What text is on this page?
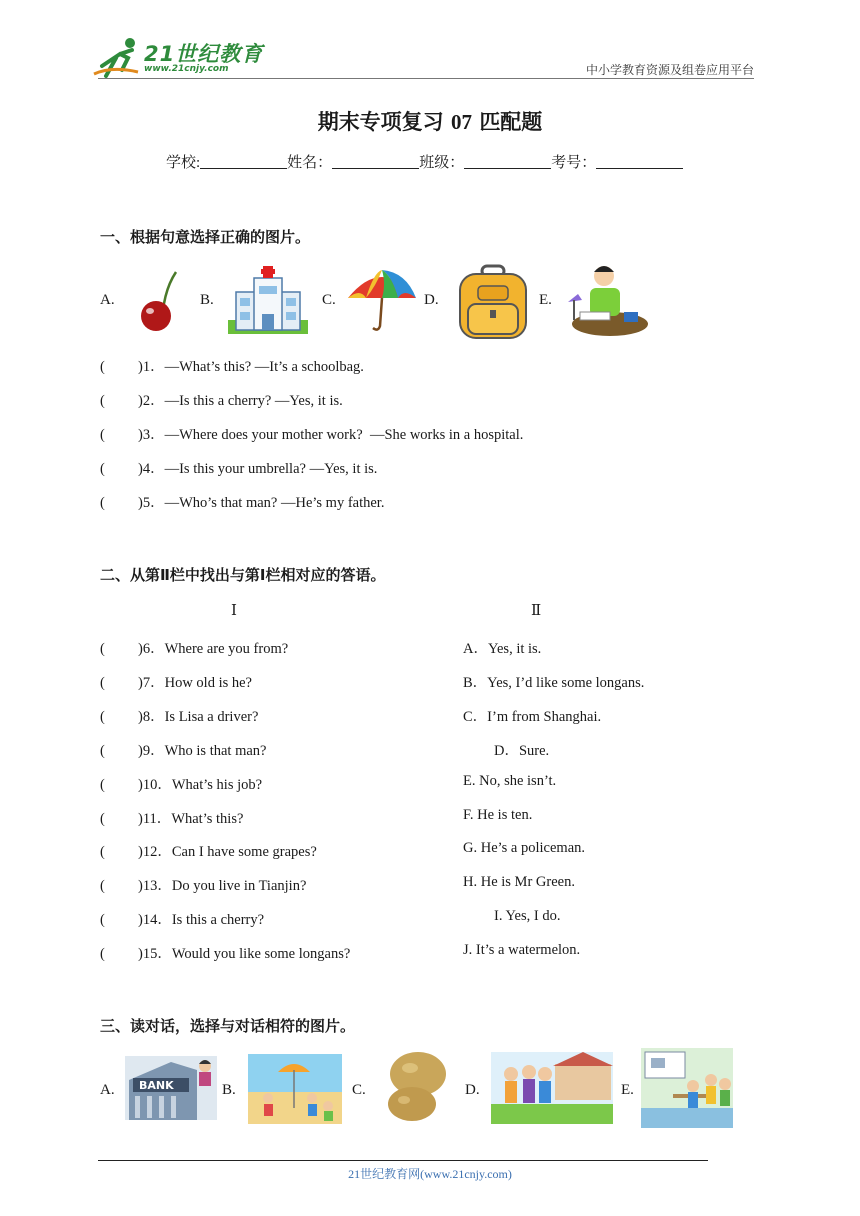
21世纪教育
www.21cnjy.com	中小学教育资源及组卷应用平台
期末专项复习 07 匹配题
学校:	姓名：	班级：	考号：
一、根据句意选择正确的图片。
A.	B.	C.	D.	E.
( )1．—What’s this? —It’s a schoolbag.
( )2．—Is this a cherry? —Yes, it is.
( )3．—Where does your mother work?  —She works in a hospital.
( )4．—Is this your umbrella? —Yes, it is.
( )5．—Who’s that man? —He’s my father.
二、从第Ⅱ栏中找出与第Ⅰ栏相对应的答语。
Ⅰ	Ⅱ
( )6．Where are you from?
( )7．How old is he?
( )8．Is Lisa a driver?
( )9．Who is that man?
( )10．What’s his job?
( )11．What’s this?
( )12．Can I have some grapes?
( )13．Do you live in Tianjin?
( )14．Is this a cherry?
( )15．Would you like some longans?
A．Yes, it is.
B．Yes, I’d like some longans.
C．I’m from Shanghai.
D．Sure.
E. No, she isn’t.
F. He is ten.
G. He’s a policeman.
H. He is Mr Green.
I. Yes, I do.
J. It’s a watermelon.
三、读对话，选择与对话相符的图片。
A. BANK	B.	C.	D.	E.
21世纪教育网(www.21cnjy.com)
